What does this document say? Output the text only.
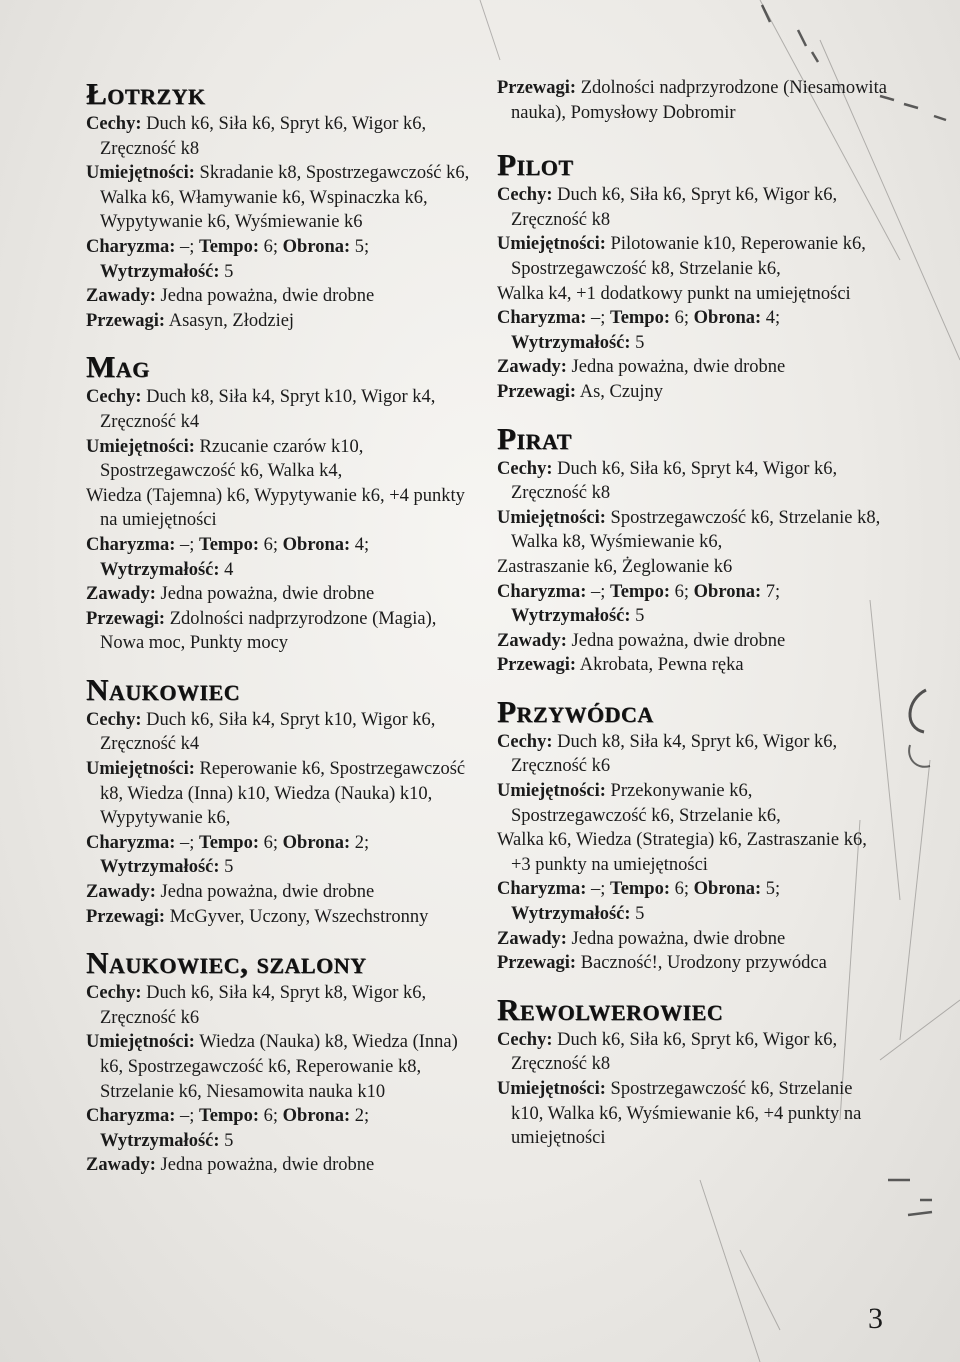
Łotrzyk
Cechy: Duch k6, Siła k6, Spryt k6, Wigor k6, Zręczność k8
Umiejętności: Skradanie k8, Spostrzegawczość k6, Walka k6, Włamywanie k6, Wspinaczka k6, Wypytywanie k6, Wyśmiewanie k6
Charyzma: –; Tempo: 6; Obrona: 5; Wytrzymałość: 5
Zawady: Jedna poważna, dwie drobne
Przewagi: Asasyn, Złodziej
Mag
Cechy: Duch k8, Siła k4, Spryt k10, Wigor k4, Zręczność k4
Umiejętności: Rzucanie czarów k10, Spostrzegawczość k6, Walka k4,
Wiedza (Tajemna) k6, Wypytywanie k6, +4 punkty na umiejętności
Charyzma: –; Tempo: 6; Obrona: 4; Wytrzymałość: 4
Zawady: Jedna poważna, dwie drobne
Przewagi: Zdolności nadprzyrodzone (Magia), Nowa moc, Punkty mocy
Naukowiec
Cechy: Duch k6, Siła k4, Spryt k10, Wigor k6, Zręczność k4
Umiejętności: Reperowanie k6, Spostrzegawczość k8, Wiedza (Inna) k10, Wiedza (Nauka) k10, Wypytywanie k6,
Charyzma: –; Tempo: 6; Obrona: 2; Wytrzymałość: 5
Zawady: Jedna poważna, dwie drobne
Przewagi: McGyver, Uczony, Wszechstronny
Naukowiec, szalony
Cechy: Duch k6, Siła k4, Spryt k8, Wigor k6, Zręczność k6
Umiejętności: Wiedza (Nauka) k8, Wiedza (Inna) k6, Spostrzegawczość k6, Reperowanie k8, Strzelanie k6, Niesamowita nauka k10
Charyzma: –; Tempo: 6; Obrona: 2; Wytrzymałość: 5
Zawady: Jedna poważna, dwie drobne
Przewagi: Zdolności nadprzyrodzone (Niesamowita nauka), Pomysłowy Dobromir
Pilot
Cechy: Duch k6, Siła k6, Spryt k6, Wigor k6, Zręczność k8
Umiejętności: Pilotowanie k10, Reperowanie k6, Spostrzegawczość k8, Strzelanie k6,
Walka k4, +1 dodatkowy punkt na umiejętności
Charyzma: –; Tempo: 6; Obrona: 4; Wytrzymałość: 5
Zawady: Jedna poważna, dwie drobne
Przewagi: As, Czujny
Pirat
Cechy: Duch k6, Siła k6, Spryt k4, Wigor k6, Zręczność k8
Umiejętności: Spostrzegawczość k6, Strzelanie k8, Walka k8, Wyśmiewanie k6,
Zastraszanie k6, Żeglowanie k6
Charyzma: –; Tempo: 6; Obrona: 7; Wytrzymałość: 5
Zawady: Jedna poważna, dwie drobne
Przewagi: Akrobata, Pewna ręka
Przywódca
Cechy: Duch k8, Siła k4, Spryt k6, Wigor k6, Zręczność k6
Umiejętności: Przekonywanie k6, Spostrzegawczość k6, Strzelanie k6,
Walka k6, Wiedza (Strategia) k6, Zastraszanie k6, +3 punkty na umiejętności
Charyzma: –; Tempo: 6; Obrona: 5; Wytrzymałość: 5
Zawady: Jedna poważna, dwie drobne
Przewagi: Baczność!, Urodzony przywódca
Rewolwerowiec
Cechy: Duch k6, Siła k6, Spryt k6, Wigor k6, Zręczność k8
Umiejętności: Spostrzegawczość k6, Strzelanie k10, Walka k6, Wyśmiewanie k6, +4 punkty na umiejętności
3
